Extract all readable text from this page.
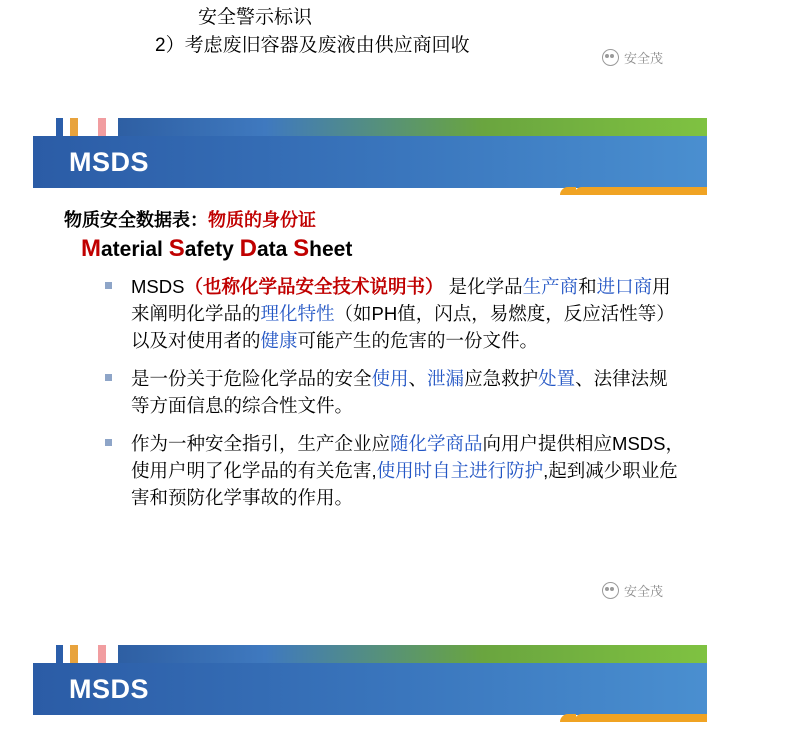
安全警示标识
2）考虑废旧容器及废液由供应商回收
安全茂
MSDS
物质安全数据表：物质的身份证
Material Safety Data Sheet
MSDS（也称化学品安全技术说明书） 是化学品生产商和进口商用来阐明化学品的理化特性（如PH值，闪点，易燃度，反应活性等）以及对使用者的健康可能产生的危害的一份文件。
是一份关于危险化学品的安全使用、泄漏应急救护处置、法律法规等方面信息的综合性文件。
作为一种安全指引，生产企业应随化学商品向用户提供相应MSDS，使用户明了化学品的有关危害,使用时自主进行防护,起到减少职业危害和预防化学事故的作用。
安全茂
MSDS
